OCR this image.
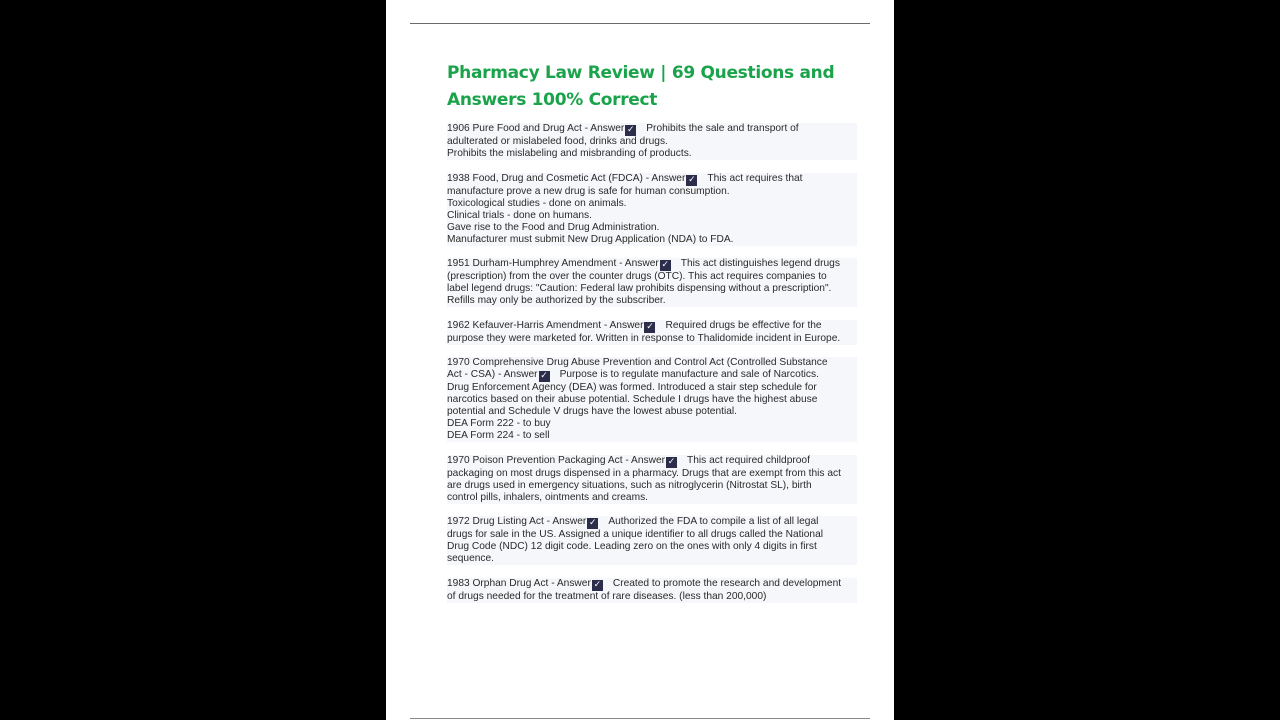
Pharmacy Law Review | 69 Questions and
Answers 100% Correct
1906 Pure Food and Drug Act - Answer ✓ Prohibits the sale and transport of
adulterated or mislabeled food, drinks and drugs.
Prohibits the mislabeling and misbranding of products.
1938 Food, Drug and Cosmetic Act (FDCA) - Answer ✓ This act requires that
manufacture prove a new drug is safe for human consumption.
Toxicological studies - done on animals.
Clinical trials - done on humans.
Gave rise to the Food and Drug Administration.
Manufacturer must submit New Drug Application (NDA) to FDA.
1951 Durham-Humphrey Amendment - Answer ✓ This act distinguishes legend drugs
(prescription) from the over the counter drugs (OTC). This act requires companies to
label legend drugs: "Caution: Federal law prohibits dispensing without a prescription".
Refills may only be authorized by the subscriber.
1962 Kefauver-Harris Amendment - Answer ✓ Required drugs be effective for the
purpose they were marketed for. Written in response to Thalidomide incident in Europe.
1970 Comprehensive Drug Abuse Prevention and Control Act (Controlled Substance
Act - CSA) - Answer ✓ Purpose is to regulate manufacture and sale of Narcotics.
Drug Enforcement Agency (DEA) was formed. Introduced a stair step schedule for
narcotics based on their abuse potential. Schedule I drugs have the highest abuse
potential and Schedule V drugs have the lowest abuse potential.
DEA Form 222 - to buy
DEA Form 224 - to sell
1970 Poison Prevention Packaging Act - Answer ✓ This act required childproof
packaging on most drugs dispensed in a pharmacy. Drugs that are exempt from this act
are drugs used in emergency situations, such as nitroglycerin (Nitrostat SL), birth
control pills, inhalers, ointments and creams.
1972 Drug Listing Act - Answer ✓ Authorized the FDA to compile a list of all legal
drugs for sale in the US. Assigned a unique identifier to all drugs called the National
Drug Code (NDC) 12 digit code. Leading zero on the ones with only 4 digits in first
sequence.
1983 Orphan Drug Act - Answer ✓ Created to promote the research and development
of drugs needed for the treatment of rare diseases. (less than 200,000)
